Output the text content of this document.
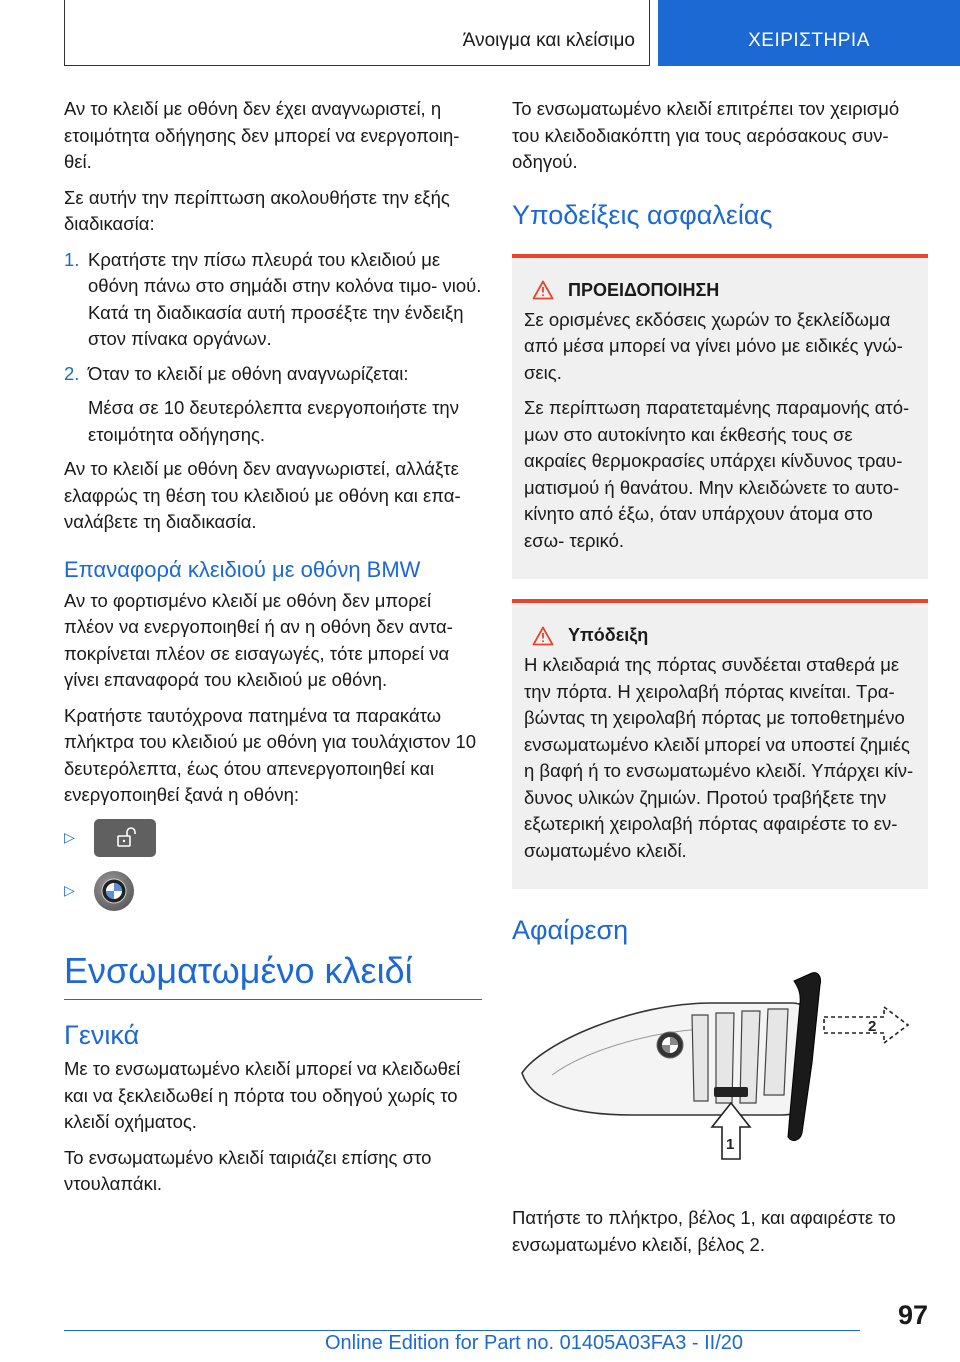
Άνοιγμα και κλείσιμο	ΧΕΙΡΙΣΤΗΡΙΑ

Αν το κλειδί με οθόνη δεν έχει αναγνωριστεί, η ετοιμότητα οδήγησης δεν μπορεί να ενεργοποιη- θεί.

Σε αυτήν την περίπτωση ακολουθήστε την εξής διαδικασία:

1. Κρατήστε την πίσω πλευρά του κλειδιού με οθόνη πάνω στο σημάδι στην κολόνα τιμο- νιού. Κατά τη διαδικασία αυτή προσέξτε την ένδειξη στον πίνακα οργάνων.
2. Όταν το κλειδί με οθόνη αναγνωρίζεται:
Μέσα σε 10 δευτερόλεπτα ενεργοποιήστε την ετοιμότητα οδήγησης.

Αν το κλειδί με οθόνη δεν αναγνωριστεί, αλλάξτε ελαφρώς τη θέση του κλειδιού με οθόνη και επα- ναλάβετε τη διαδικασία.

Επαναφορά κλειδιού με οθόνη BMW

Αν το φορτισμένο κλειδί με οθόνη δεν μπορεί πλέον να ενεργοποιηθεί ή αν η οθόνη δεν αντα- ποκρίνεται πλέον σε εισαγωγές, τότε μπορεί να γίνει επαναφορά του κλειδιού με οθόνη.

Κρατήστε ταυτόχρονα πατημένα τα παρακάτω πλήκτρα του κλειδιού με οθόνη για τουλάχιστον 10 δευτερόλεπτα, έως ότου απενεργοποιηθεί και ενεργοποιηθεί ξανά η οθόνη:

▷
▷
Ενσωματωμένο κλειδί
Γενικά

Με το ενσωματωμένο κλειδί μπορεί να κλειδωθεί και να ξεκλειδωθεί η πόρτα του οδηγού χωρίς το κλειδί οχήματος.

Το ενσωματωμένο κλειδί ταιριάζει επίσης στο ντουλαπάκι.

Το ενσωματωμένο κλειδί επιτρέπει τον χειρισμό του κλειδοδιακόπτη για τους αερόσακους συν- οδηγού.

Υποδείξεις ασφαλείας
ΠΡΟΕΙΔΟΠΟΙΗΣΗ

Σε ορισμένες εκδόσεις χωρών το ξεκλείδωμα από μέσα μπορεί να γίνει μόνο με ειδικές γνώ- σεις.

Σε περίπτωση παρατεταμένης παραμονής ατό- μων στο αυτοκίνητο και έκθεσής τους σε ακραίες θερμοκρασίες υπάρχει κίνδυνος τραυ- ματισμού ή θανάτου. Μην κλειδώνετε το αυτο- κίνητο από έξω, όταν υπάρχουν άτομα στο εσω- τερικό.

Υπόδειξη

Η κλειδαριά της πόρτας συνδέεται σταθερά με την πόρτα. Η χειρολαβή πόρτας κινείται. Τρα- βώντας τη χειρολαβή πόρτας με τοποθετημένο ενσωματωμένο κλειδί μπορεί να υποστεί ζημιές η βαφή ή το ενσωματωμένο κλειδί. Υπάρχει κίν- δυνος υλικών ζημιών. Προτού τραβήξετε την εξωτερική χειρολαβή πόρτας αφαιρέστε το εν- σωματωμένο κλειδί.

Αφαίρεση
2
1

Πατήστε το πλήκτρο, βέλος 1, και αφαιρέστε το ενσωματωμένο κλειδί, βέλος 2.

97
Online Edition for Part no. 01405A03FA3 - II/20
